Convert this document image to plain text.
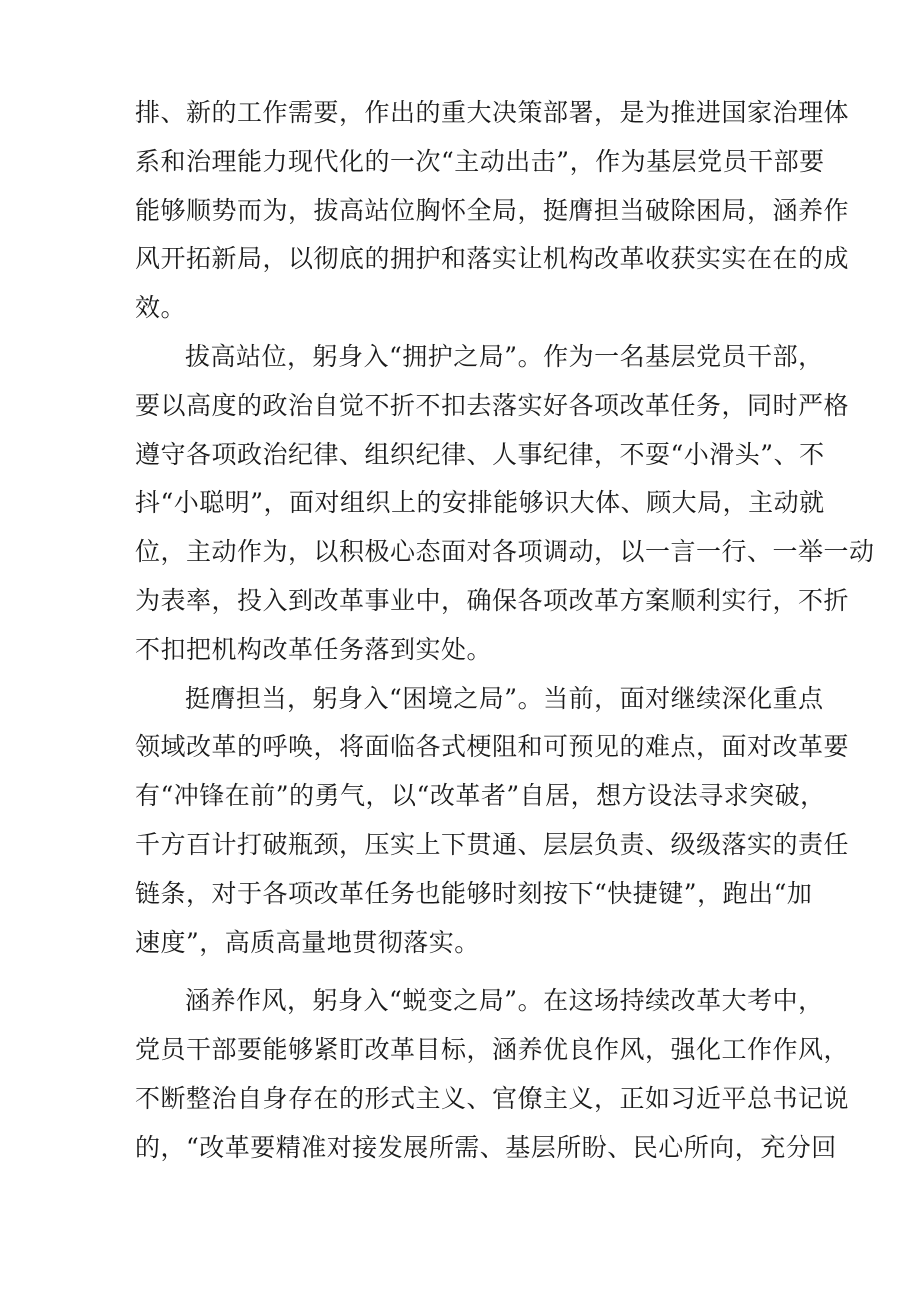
排、新的工作需要，作出的重大决策部署，是为推进国家治理体
系和治理能力现代化的一次“主动出击”，作为基层党员干部要
能够顺势而为，拔高站位胸怀全局，挺膺担当破除困局，涵养作
风开拓新局，以彻底的拥护和落实让机构改革收获实实在在的成
效。
拔高站位，躬身入“拥护之局”。作为一名基层党员干部，
要以高度的政治自觉不折不扣去落实好各项改革任务，同时严格
遵守各项政治纪律、组织纪律、人事纪律，不耍“小滑头”、不
抖“小聪明”，面对组织上的安排能够识大体、顾大局，主动就
位，主动作为，以积极心态面对各项调动，以一言一行、一举一动
为表率，投入到改革事业中，确保各项改革方案顺利实行，不折
不扣把机构改革任务落到实处。
挺膺担当，躬身入“困境之局”。当前，面对继续深化重点
领域改革的呼唤，将面临各式梗阻和可预见的难点，面对改革要
有“冲锋在前”的勇气，以“改革者”自居，想方设法寻求突破，
千方百计打破瓶颈，压实上下贯通、层层负责、级级落实的责任
链条，对于各项改革任务也能够时刻按下“快捷键”，跑出“加
速度”，高质高量地贯彻落实。
涵养作风，躬身入“蜕变之局”。在这场持续改革大考中，
党员干部要能够紧盯改革目标，涵养优良作风，强化工作作风，
不断整治自身存在的形式主义、官僚主义，正如习近平总书记说
的，“改革要精准对接发展所需、基层所盼、民心所向，充分回
